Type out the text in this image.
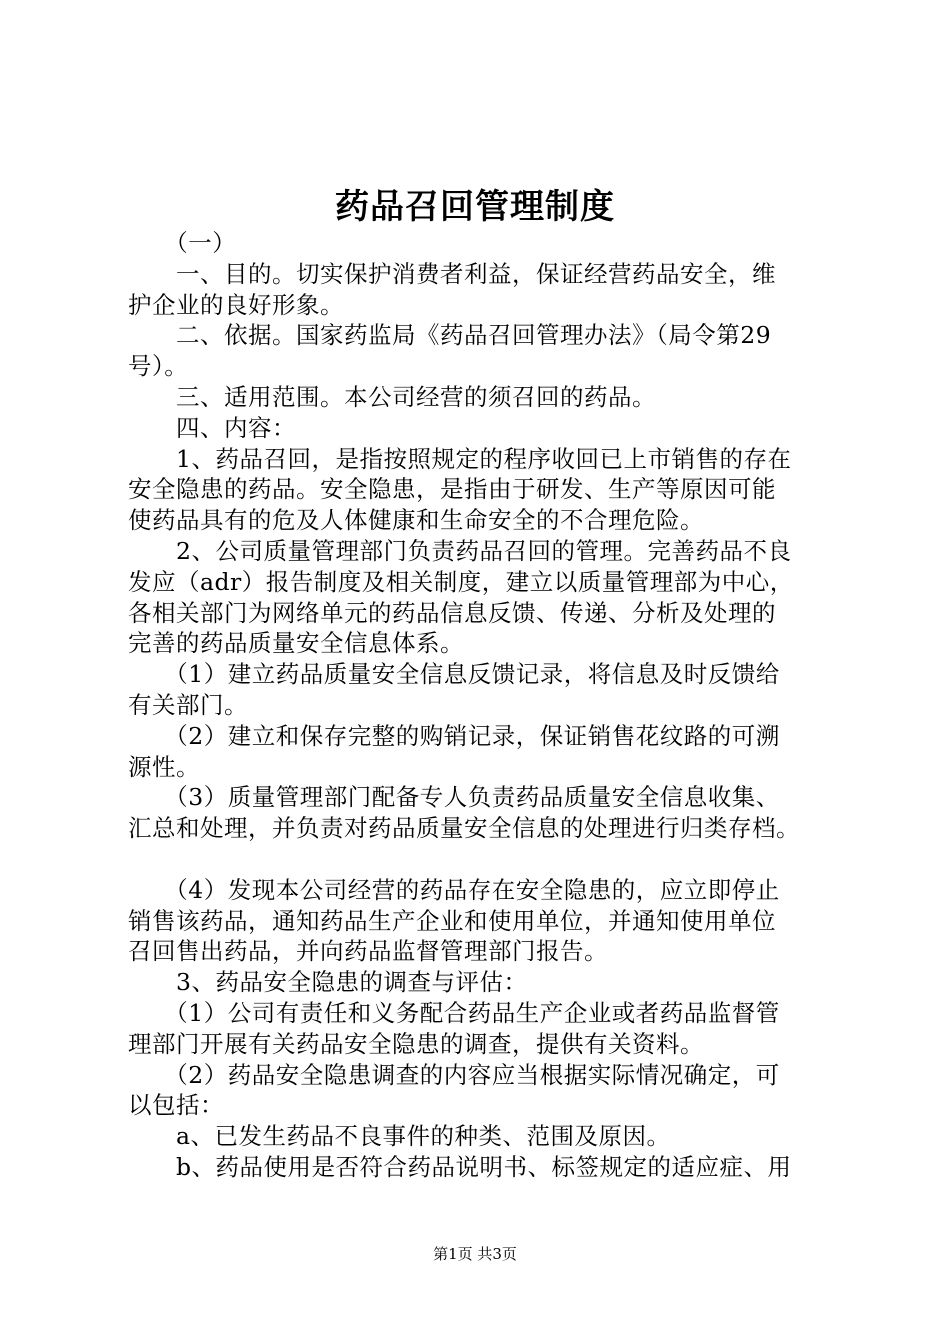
药品召回管理制度
　　（一）
　　一、目的。切实保护消费者利益，保证经营药品安全，维
护企业的良好形象。
　　二、依据。国家药监局《药品召回管理办法》（局令第29
号）。
　　三、适用范围。本公司经营的须召回的药品。
　　四、内容：
　　1、药品召回，是指按照规定的程序收回已上市销售的存在
安全隐患的药品。安全隐患，是指由于研发、生产等原因可能
使药品具有的危及人体健康和生命安全的不合理危险。
　　2、公司质量管理部门负责药品召回的管理。完善药品不良
发应（adr）报告制度及相关制度，建立以质量管理部为中心，
各相关部门为网络单元的药品信息反馈、传递、分析及处理的
完善的药品质量安全信息体系。
　　（1）建立药品质量安全信息反馈记录，将信息及时反馈给
有关部门。
　　（2）建立和保存完整的购销记录，保证销售花纹路的可溯
源性。
　　（3）质量管理部门配备专人负责药品质量安全信息收集、
汇总和处理，并负责对药品质量安全信息的处理进行归类存档。
　　（4）发现本公司经营的药品存在安全隐患的，应立即停止
销售该药品，通知药品生产企业和使用单位，并通知使用单位
召回售出药品，并向药品监督管理部门报告。
　　3、药品安全隐患的调查与评估：
　　（1）公司有责任和义务配合药品生产企业或者药品监督管
理部门开展有关药品安全隐患的调查，提供有关资料。
　　（2）药品安全隐患调查的内容应当根据实际情况确定，可
以包括：
　　a、已发生药品不良事件的种类、范围及原因。
　　b、药品使用是否符合药品说明书、标签规定的适应症、用
第1页 共3页
